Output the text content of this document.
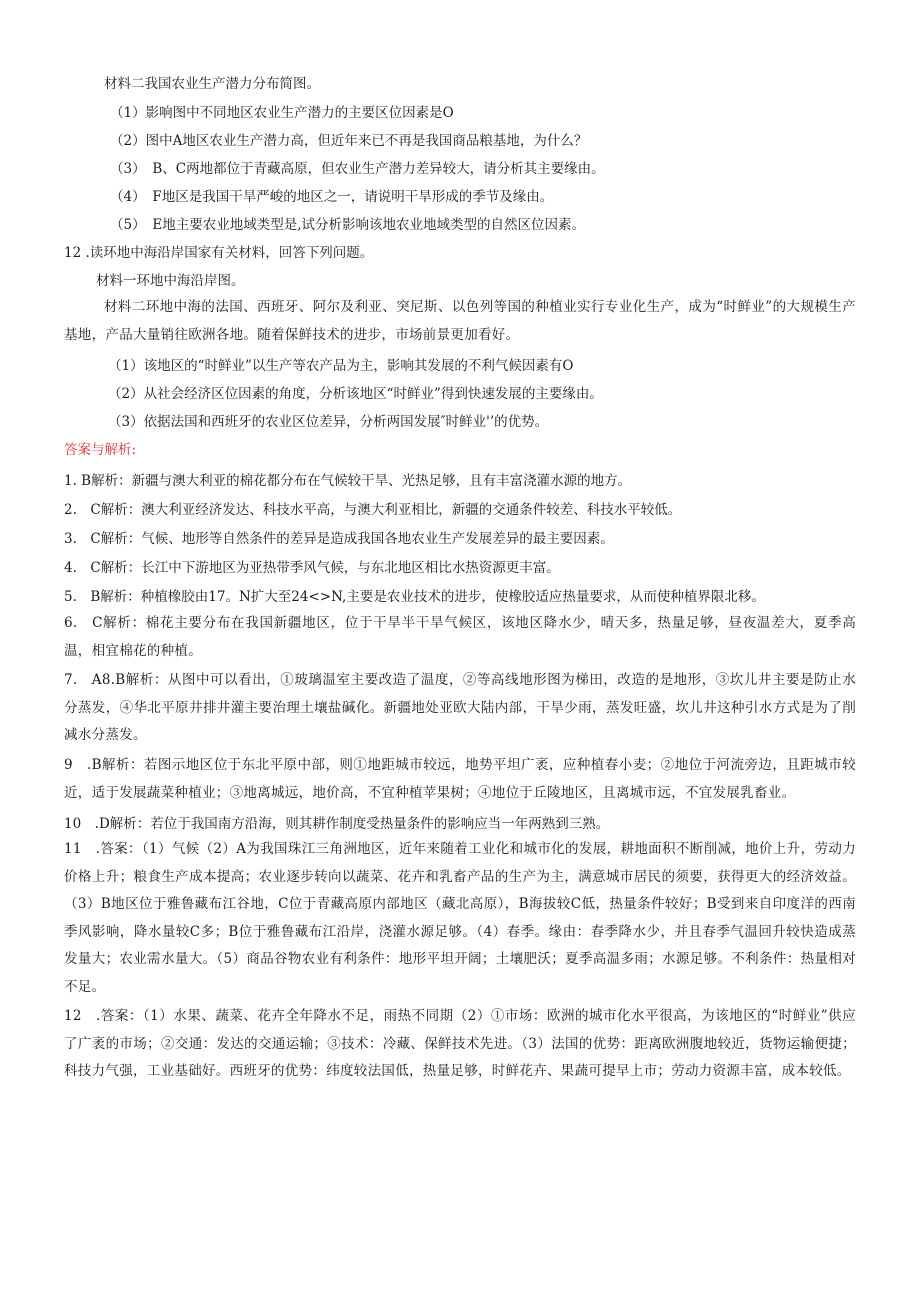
材料二我国农业生产潜力分布简图。

（1）影响图中不同地区农业生产潜力的主要区位因素是O

（2）图中A地区农业生产潜力高，但近年来已不再是我国商品粮基地，为什么？

（3）　B、C两地都位于青藏高原，但农业生产潜力差异较大，请分析其主要缘由。

（4）　F地区是我国干旱严峻的地区之一，请说明干旱形成的季节及缘由。

（5）　E地主要农业地域类型是,试分析影响该地农业地域类型的自然区位因素。

12 .读环地中海沿岸国家有关材料，回答下列问题。

材料一环地中海沿岸图。

材料二环地中海的法国、西班牙、阿尔及利亚、突尼斯、以色列等国的种植业实行专业化生产，成为“时鲜业”的大规模生产基地，产品大量销往欧洲各地。随着保鲜技术的进步，市场前景更加看好。

（1）该地区的“时鲜业”以生产等农产品为主，影响其发展的不利气候因素有O

（2）从社会经济区位因素的角度，分析该地区“时鲜业”得到快速发展的主要缘由。

（3）依据法国和西班牙的农业区位差异，分析两国发展″时鲜业'’的优势。

答案与解析:

1. B解析：新疆与澳大利亚的棉花都分布在气候较干旱、光热足够，且有丰富浇灌水源的地方。

2.　C解析：澳大利亚经济发达、科技水平高，与澳大利亚相比，新疆的交通条件较差、科技水平较低。

3.　C解析：气候、地形等自然条件的差异是造成我国各地农业生产发展差异的最主要因素。

4.　C解析：长江中下游地区为亚热带季风气候，与东北地区相比水热资源更丰富。

5.　B解析：种植橡胶由17。N扩大至24<>N,主要是农业技术的进步，使橡胶适应热量要求，从而使种植界限北移。

6.　C解析：棉花主要分布在我国新疆地区，位于干旱半干旱气候区，该地区降水少，晴天多，热量足够，昼夜温差大，夏季高温，相宜棉花的种植。

7.　A8.B解析：从图中可以看出，①玻璃温室主要改造了温度，②等高线地形图为梯田，改造的是地形，③坎儿井主要是防止水分蒸发，④华北平原井排井灌主要治理土壤盐碱化。新疆地处亚欧大陆内部，干旱少雨，蒸发旺盛，坎儿井这种引水方式是为了削减水分蒸发。

9　.B解析：若图示地区位于东北平原中部，则①地距城市较远，地势平坦广袤，应种植春小麦；②地位于河流旁边，且距城市较近，适于发展蔬菜种植业；③地离城远，地价高，不宜种植苹果树；④地位于丘陵地区，且离城市远，不宜发展乳畜业。

10　.D解析：若位于我国南方沿海，则其耕作制度受热量条件的影响应当一年两熟到三熟。

11　.答案：（1）气候（2）A为我国珠江三角洲地区，近年来随着工业化和城市化的发展，耕地面积不断削减，地价上升，劳动力价格上升；粮食生产成本提高；农业逐步转向以蔬菜、花卉和乳畜产品的生产为主，满意城市居民的须要，获得更大的经济效益。（3）B地区位于雅鲁藏布江谷地，C位于青藏高原内部地区（藏北高原），B海拔较C低，热量条件较好；B受到来自印度洋的西南季风影响，降水量较C多；B位于雅鲁藏布江沿岸，浇灌水源足够。（4）春季。缘由：春季降水少，并且春季气温回升较快造成蒸发量大；农业需水量大。（5）商品谷物农业有利条件：地形平坦开阔；土壤肥沃；夏季高温多雨；水源足够。不利条件：热量相对不足。

12　.答案：（1）水果、蔬菜、花卉全年降水不足，雨热不同期（2）①市场：欧洲的城市化水平很高，为该地区的“时鲜业”供应了广袤的市场；②交通：发达的交通运输；③技术：冷藏、保鲜技术先进。（3）法国的优势：距离欧洲腹地较近，货物运输便捷；科技力气强，工业基础好。西班牙的优势：纬度较法国低，热量足够，时鲜花卉、果蔬可提早上市；劳动力资源丰富，成本较低。
